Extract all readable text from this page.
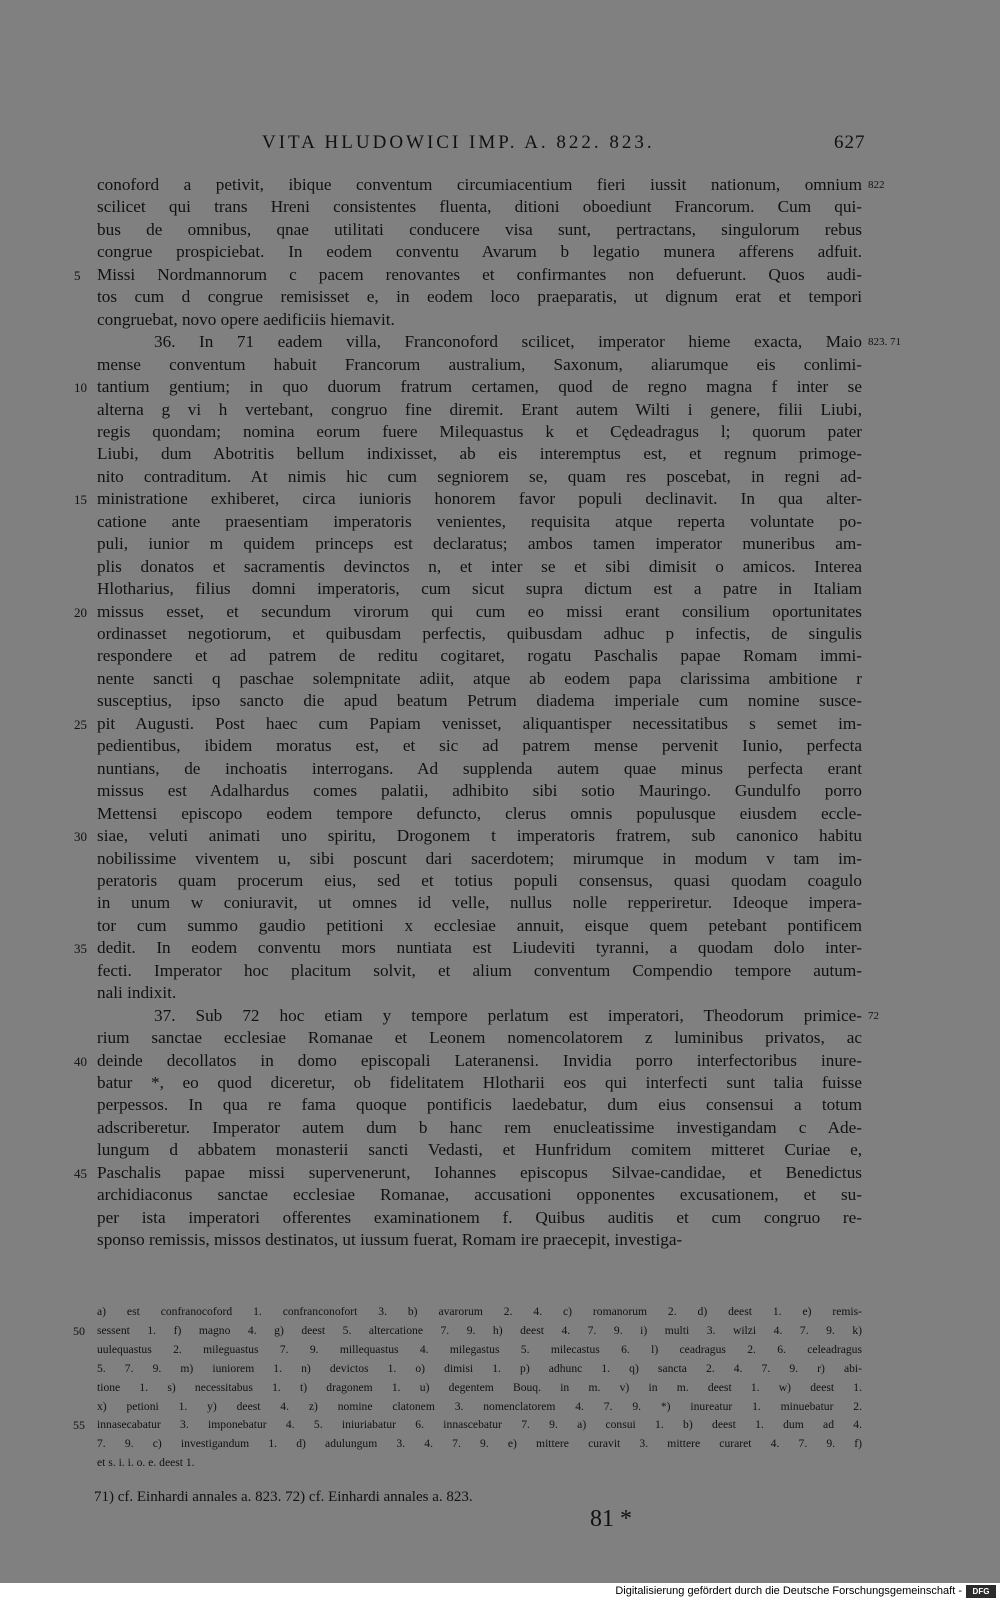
VITA HLUDOWICI IMP. A. 822. 823.	627
conoford a petivit, ibique conventum circumiacentium fieri iussit nationum, omnium
scilicet qui trans Hreni consistentes fluenta, ditioni oboediunt Francorum. Cum qui-
bus de omnibus, qnae utilitati conducere visa sunt, pertractans, singulorum rebus
congrue prospiciebat. In eodem conventu Avarum b legatio munera afferens adfuit.
Missi Nordmannorum c pacem renovantes et confirmantes non defuerunt. Quos audi-
tos cum d congrue remisisset e, in eodem loco praeparatis, ut dignum erat et tempori
congruebat, novo opere aedificiis hiemavit.
36. In 71 eadem villa, Franconoford scilicet, imperator hieme exacta, Maio
mense conventum habuit Francorum australium, Saxonum, aliarumque eis conlimi-
tantium gentium; in quo duorum fratrum certamen, quod de regno magna f inter se
alterna g vi h vertebant, congruo fine diremit. Erant autem Wilti i genere, filii Liubi,
regis quondam; nomina eorum fuere Milequastus k et Cędeadragus l; quorum pater
Liubi, dum Abotritis bellum indixisset, ab eis interemptus est, et regnum primoge-
nito contraditum. At nimis hic cum segniorem se, quam res poscebat, in regni ad-
ministratione exhiberet, circa iunioris honorem favor populi declinavit. In qua alter-
catione ante praesentiam imperatoris venientes, requisita atque reperta voluntate po-
puli, iunior m quidem princeps est declaratus; ambos tamen imperator muneribus am-
plis donatos et sacramentis devinctos n, et inter se et sibi dimisit o amicos. Interea
Hlotharius, filius domni imperatoris, cum sicut supra dictum est a patre in Italiam
missus esset, et secundum virorum qui cum eo missi erant consilium oportunitates
ordinasset negotiorum, et quibusdam perfectis, quibusdam adhuc p infectis, de singulis
respondere et ad patrem de reditu cogitaret, rogatu Paschalis papae Romam immi-
nente sancti q paschae solempnitate adiit, atque ab eodem papa clarissima ambitione r
susceptius, ipso sancto die apud beatum Petrum diadema imperiale cum nomine susce-
pit Augusti. Post haec cum Papiam venisset, aliquantisper necessitatibus s semet im-
pedientibus, ibidem moratus est, et sic ad patrem mense pervenit Iunio, perfecta
nuntians, de inchoatis interrogans. Ad supplenda autem quae minus perfecta erant
missus est Adalhardus comes palatii, adhibito sibi sotio Mauringo. Gundulfo porro
Mettensi episcopo eodem tempore defuncto, clerus omnis populusque eiusdem eccle-
siae, veluti animati uno spiritu, Drogonem t imperatoris fratrem, sub canonico habitu
nobilissime viventem u, sibi poscunt dari sacerdotem; mirumque in modum v tam im-
peratoris quam procerum eius, sed et totius populi consensus, quasi quodam coagulo
in unum w coniuravit, ut omnes id velle, nullus nolle repperiretur. Ideoque impera-
tor cum summo gaudio petitioni x ecclesiae annuit, eisque quem petebant pontificem
dedit. In eodem conventu mors nuntiata est Liudeviti tyranni, a quodam dolo inter-
fecti. Imperator hoc placitum solvit, et alium conventum Compendio tempore autum-
nali indixit.
37. Sub 72 hoc etiam y tempore perlatum est imperatori, Theodorum primice-
rium sanctae ecclesiae Romanae et Leonem nomencolatorem z luminibus privatos, ac
deinde decollatos in domo episcopali Lateranensi. Invidia porro interfectoribus inure-
batur *, eo quod diceretur, ob fidelitatem Hlotharii eos qui interfecti sunt talia fuisse
perpessos. In qua re fama quoque pontificis laedebatur, dum eius consensui a totum
adscriberetur. Imperator autem dum b hanc rem enucleatissime investigandam c Ade-
lungum d abbatem monasterii sancti Vedasti, et Hunfridum comitem mitteret Curiae e,
Paschalis papae missi supervenerunt, Iohannes episcopus Silvae-candidae, et Benedictus
archidiaconus sanctae ecclesiae Romanae, accusationi opponentes excusationem, et su-
per ista imperatori offerentes examinationem f. Quibus auditis et cum congruo re-
sponso remissis, missos destinatos, ut iussum fuerat, Romam ire praecepit, investiga-
5
10
15
20
25
30
35
40
45
822
823. 71
72
a) est confranocoford 1. confranconofort 3. b) avarorum 2. 4. c) romanorum 2. d) deest 1. e) remis-
sessent 1. f) magno 4. g) deest 5. altercatione 7. 9. h) deest 4. 7. 9. i) multi 3. wilzi 4. 7. 9. k)
uulequastus 2. mileguastus 7. 9. millequastus 4. milegastus 5. milecastus 6. l) ceadragus 2. 6. celeadragus
5. 7. 9. m) iuniorem 1. n) devictos 1. o) dimisi 1. p) adhunc 1. q) sancta 2. 4. 7. 9. r) abi-
tione 1. s) necessitabus 1. t) dragonem 1. u) degentem Bouq. in m. v) in m. deest 1. w) deest 1.
x) petioni 1. y) deest 4. z) nomine clatonem 3. nomenclatorem 4. 7. 9. *) inureatur 1. minuebatur 2.
innasecabatur 3. imponebatur 4. 5. iniuriabatur 6. innascebatur 7. 9. a) consui 1. b) deest 1. dum ad 4.
7. 9. c) investigandum 1. d) adulungum 3. 4. 7. 9. e) mittere curavit 3. mittere curaret 4. 7. 9. f)
et s. i. i. o. e. deest 1.
50
55
71) cf. Einhardi annales a. 823. 72) cf. Einhardi annales a. 823.
81 *
Digitalisierung gefördert durch die Deutsche Forschungsgemeinschaft -	DFG
